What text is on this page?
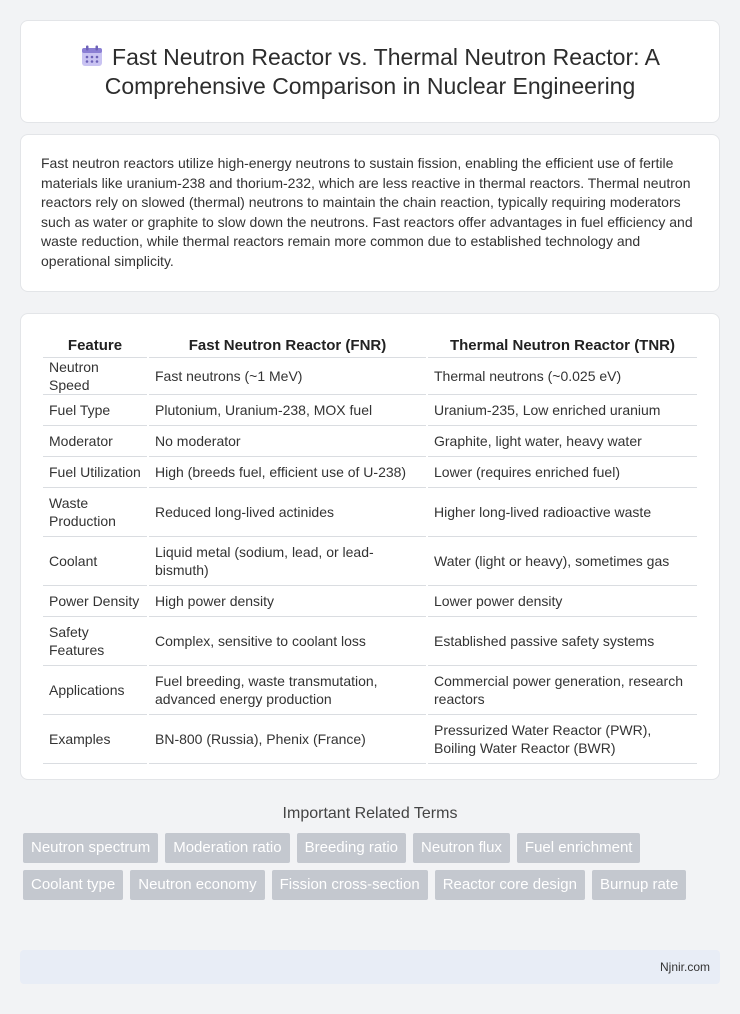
Fast Neutron Reactor vs. Thermal Neutron Reactor: A Comprehensive Comparison in Nuclear Engineering

Fast neutron reactors utilize high-energy neutrons to sustain fission, enabling the efficient use of fertile materials like uranium-238 and thorium-232, which are less reactive in thermal reactors. Thermal neutron reactors rely on slowed (thermal) neutrons to maintain the chain reaction, typically requiring moderators such as water or graphite to slow down the neutrons. Fast reactors offer advantages in fuel efficiency and waste reduction, while thermal reactors remain more common due to established technology and operational simplicity.

Feature	Fast Neutron Reactor (FNR)	Thermal Neutron Reactor (TNR)
Neutron Speed	Fast neutrons (~1 MeV)	Thermal neutrons (~0.025 eV)
Fuel Type	Plutonium, Uranium-238, MOX fuel	Uranium-235, Low enriched uranium
Moderator	No moderator	Graphite, light water, heavy water
Fuel Utilization	High (breeds fuel, efficient use of U-238)	Lower (requires enriched fuel)
Waste Production	Reduced long-lived actinides	Higher long-lived radioactive waste
Coolant	Liquid metal (sodium, lead, or lead-bismuth)	Water (light or heavy), sometimes gas
Power Density	High power density	Lower power density
Safety Features	Complex, sensitive to coolant loss	Established passive safety systems
Applications	Fuel breeding, waste transmutation, advanced energy production	Commercial power generation, research reactors
Examples	BN-800 (Russia), Phenix (France)	Pressurized Water Reactor (PWR), Boiling Water Reactor (BWR)
Important Related Terms
Neutron spectrum	Moderation ratio	Breeding ratio	Neutron flux	Fuel enrichment
Coolant type	Neutron economy	Fission cross-section	Reactor core design	Burnup rate
Njnir.com
